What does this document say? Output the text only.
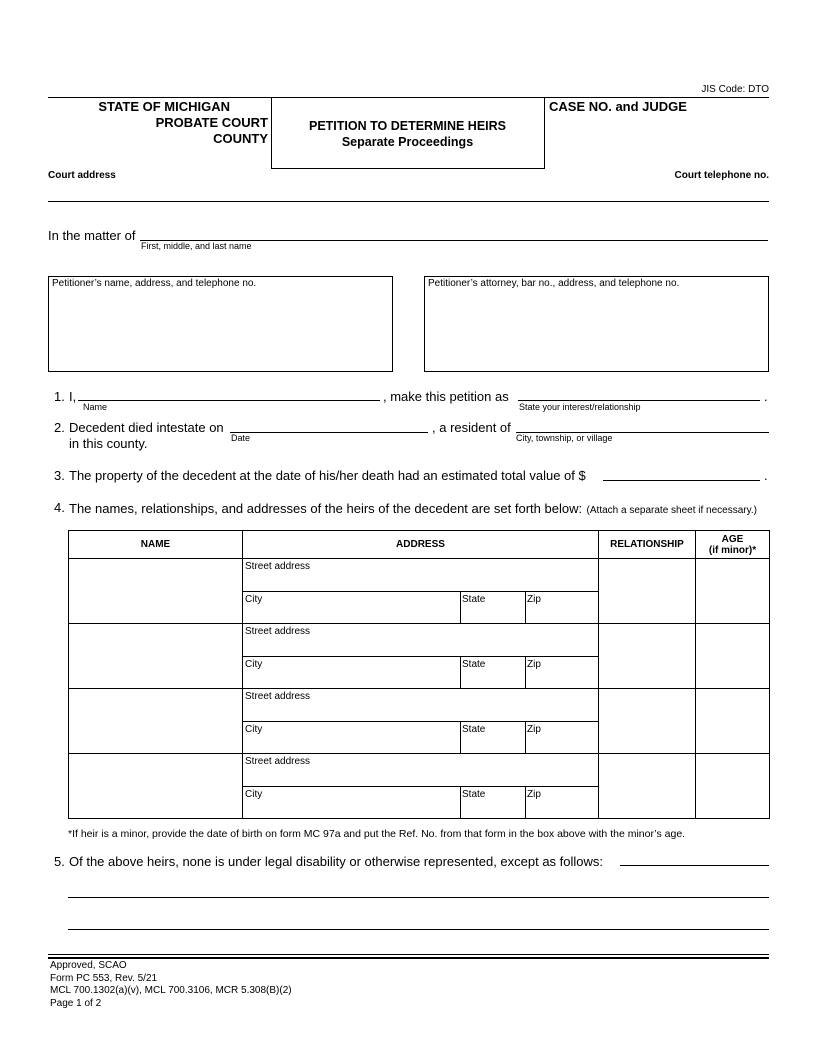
JIS Code: DTO
STATE OF MICHIGAN
PROBATE COURT
COUNTY
PETITION TO DETERMINE HEIRS
Separate Proceedings
CASE NO. and JUDGE
Court address	Court telephone no.
In the matter of
First, middle, and last name
Petitioner’s name, address, and telephone no.	Petitioner’s attorney, bar no., address, and telephone no.
1. I,	, make this petition as	.
Name	State your interest/relationship
2. Decedent died intestate on	, a resident of
in this county.	Date	City, township, or village
3. The property of the decedent at the date of his/her death had an estimated total value of $	.
4. The names, relationships, and addresses of the heirs of the decedent are set forth below: (Attach a separate sheet if necessary.)
NAME	ADDRESS	RELATIONSHIP	AGE
(if minor)*

	Street address
City State Zip		

	Street address
City State Zip		

	Street address
City State Zip		

	Street address
City State Zip		

*If heir is a minor, provide the date of birth on form MC 97a and put the Ref. No. from that form in the box above with the minor’s age.
5. Of the above heirs, none is under legal disability or otherwise represented, except as follows:
Approved, SCAO
Form PC 553, Rev. 5/21
MCL 700.1302(a)(v), MCL 700.3106, MCR 5.308(B)(2)
Page 1 of 2
